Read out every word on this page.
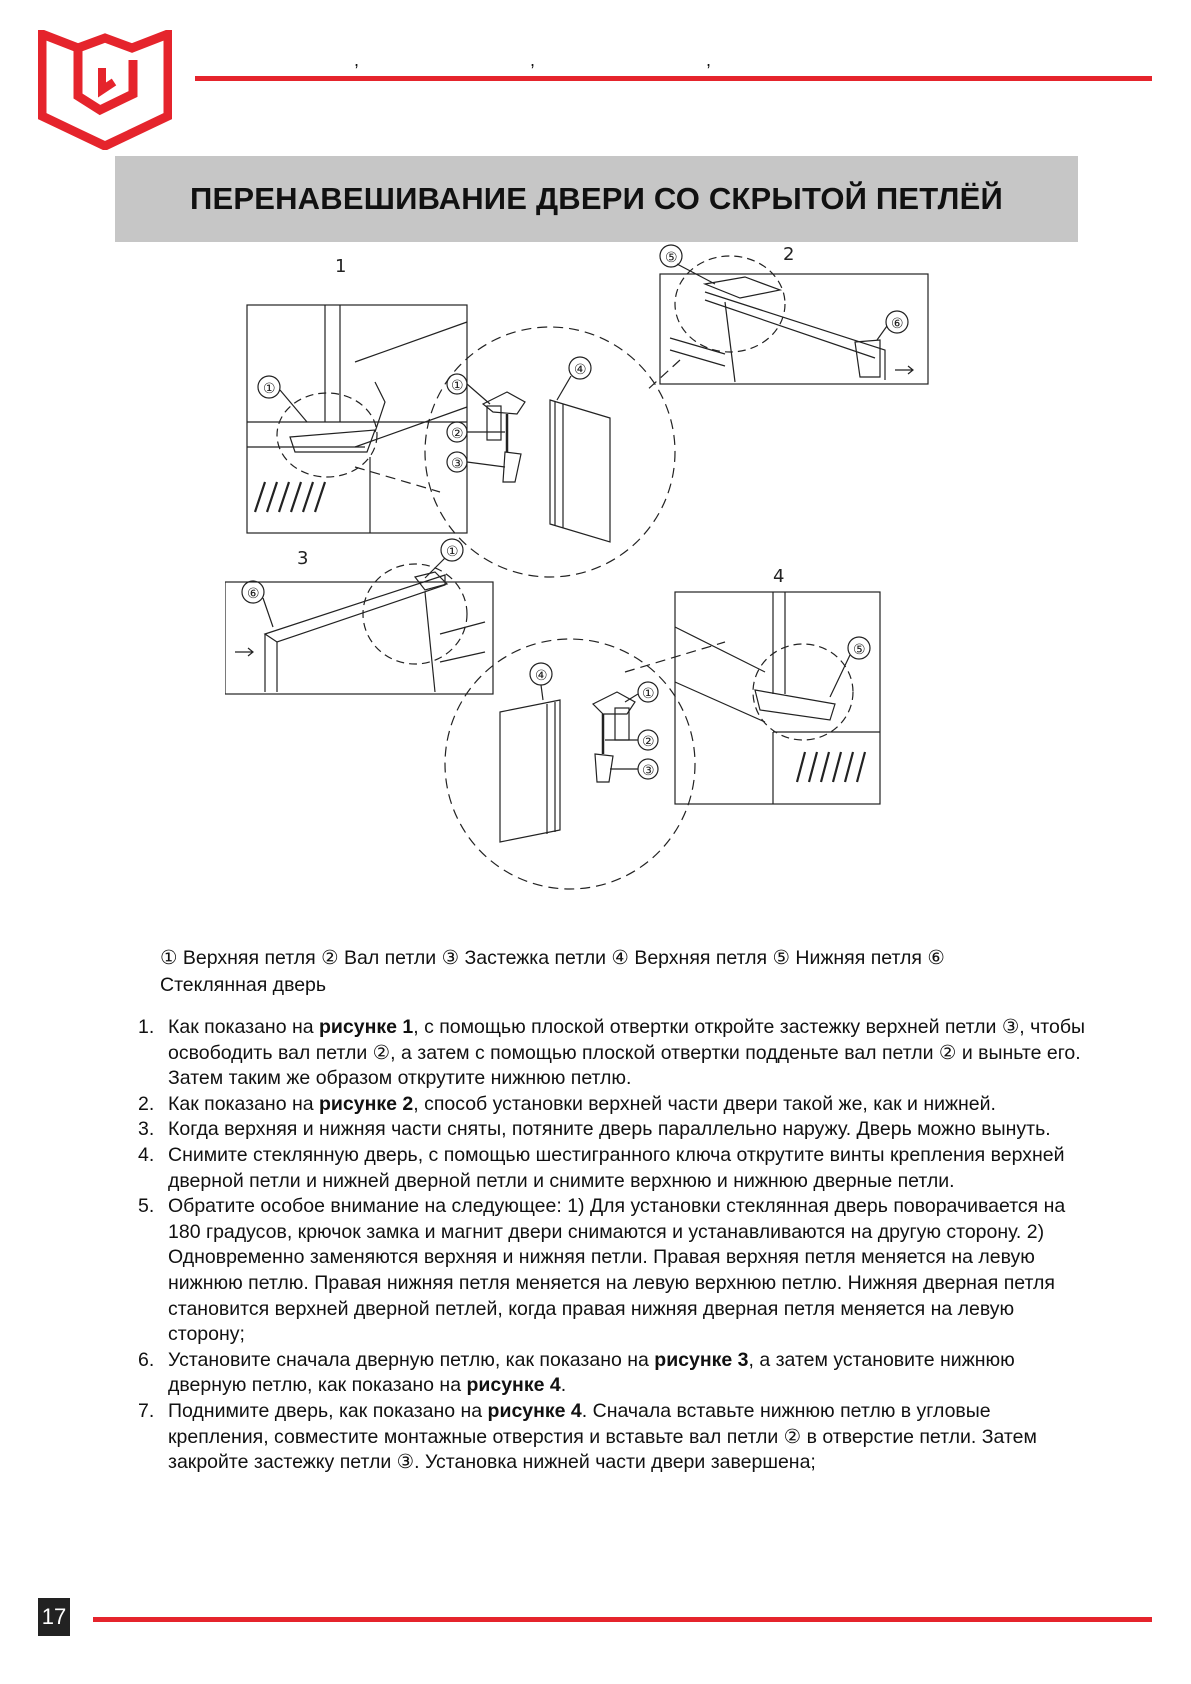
,	,	,
ПЕРЕНАВЕШИВАНИЕ ДВЕРИ СО СКРЫТОЙ ПЕТЛЁЙ
1
①	①
②
③
④
2
⑤
⑥
3
⑥
①
④
①
②
③
4
⑤
① Верхняя петля ② Вал петли ③ Застежка петли ④ Верхняя петля ⑤ Нижняя петля ⑥ Стеклянная дверь
1. Как показано на рисунке 1, с помощью плоской отвертки откройте застежку верхней петли ③, чтобы освободить вал петли ②, а затем с помощью плоской отвертки подденьте вал петли ② и выньте его. Затем таким же образом открутите нижнюю петлю.
2. Как показано на рисунке 2, способ установки верхней части двери такой же, как и нижней.
3. Когда верхняя и нижняя части сняты, потяните дверь параллельно наружу. Дверь можно вынуть.
4. Снимите стеклянную дверь, с помощью шестигранного ключа открутите винты крепления верхней дверной петли и нижней дверной петли и снимите верхнюю и нижнюю дверные петли.
5. Обратите особое внимание на следующее: 1) Для установки стеклянная дверь поворачивается на 180 градусов, крючок замка и магнит двери снимаются и устанавливаются на другую сторону. 2) Одновременно заменяются верхняя и нижняя петли. Правая верхняя петля меняется на левую нижнюю петлю. Правая нижняя петля меняется на левую верхнюю петлю. Нижняя дверная петля становится верхней дверной петлей, когда правая нижняя дверная петля меняется на левую сторону;
6. Установите сначала дверную петлю, как показано на рисунке 3, а затем установите нижнюю дверную петлю, как показано на рисунке 4.
7. Поднимите дверь, как показано на рисунке 4. Сначала вставьте нижнюю петлю в угловые крепления, совместите монтажные отверстия и вставьте вал петли ② в отверстие петли. Затем закройте застежку петли ③. Установка нижней части двери завершена;
17
